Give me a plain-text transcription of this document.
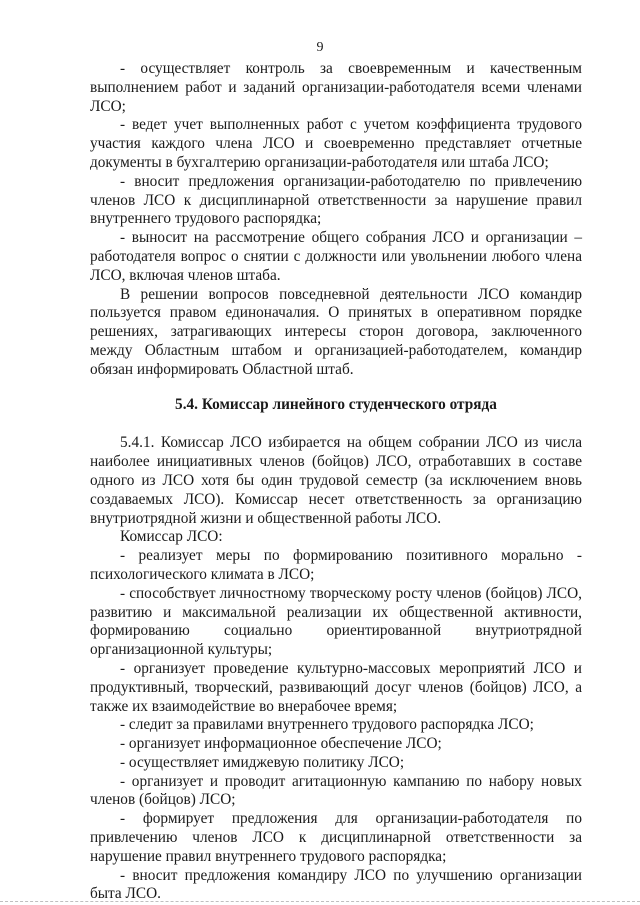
9

- осуществляет контроль за своевременным и качественным выполнением работ и заданий организации-работодателя всеми членами ЛСО;

- ведет учет выполненных работ с учетом коэффициента трудового участия каждого члена ЛСО и своевременно представляет отчетные документы в бухгалтерию организации-работодателя или штаба ЛСО;

- вносит предложения организации-работодателю по привлечению членов ЛСО к дисциплинарной ответственности за нарушение правил внутреннего трудового распорядка;

- выносит на рассмотрение общего собрания ЛСО и организации – работодателя вопрос о снятии с должности или увольнении любого члена ЛСО, включая членов штаба.

В решении вопросов повседневной деятельности ЛСО командир пользуется правом единоначалия. О принятых в оперативном порядке решениях, затрагивающих интересы сторон договора, заключенного между Областным штабом и организацией-работодателем, командир обязан информировать Областной штаб.

5.4. Комиссар линейного студенческого отряда

5.4.1. Комиссар ЛСО избирается на общем собрании ЛСО из числа наиболее инициативных членов (бойцов) ЛСО, отработавших в составе одного из ЛСО хотя бы один трудовой семестр (за исключением вновь создаваемых ЛСО). Комиссар несет ответственность за организацию внутриотрядной жизни и общественной работы ЛСО.

Комиссар ЛСО:

- реализует меры по формированию позитивного морально - психологического климата в ЛСО;

- способствует личностному творческому росту членов (бойцов) ЛСО, развитию и максимальной реализации их общественной активности, формированию социально ориентированной внутриотрядной организационной культуры;

- организует проведение культурно-массовых мероприятий ЛСО и продуктивный, творческий, развивающий досуг членов (бойцов) ЛСО, а также их взаимодействие во внерабочее время;

- следит за правилами внутреннего трудового распорядка ЛСО;

- организует информационное обеспечение ЛСО;

- осуществляет имиджевую политику ЛСО;

- организует и проводит агитационную кампанию по набору новых членов (бойцов) ЛСО;

- формирует предложения для организации-работодателя по привлечению членов ЛСО к дисциплинарной ответственности за нарушение правил внутреннего трудового распорядка;

- вносит предложения командиру ЛСО по улучшению организации быта ЛСО.
